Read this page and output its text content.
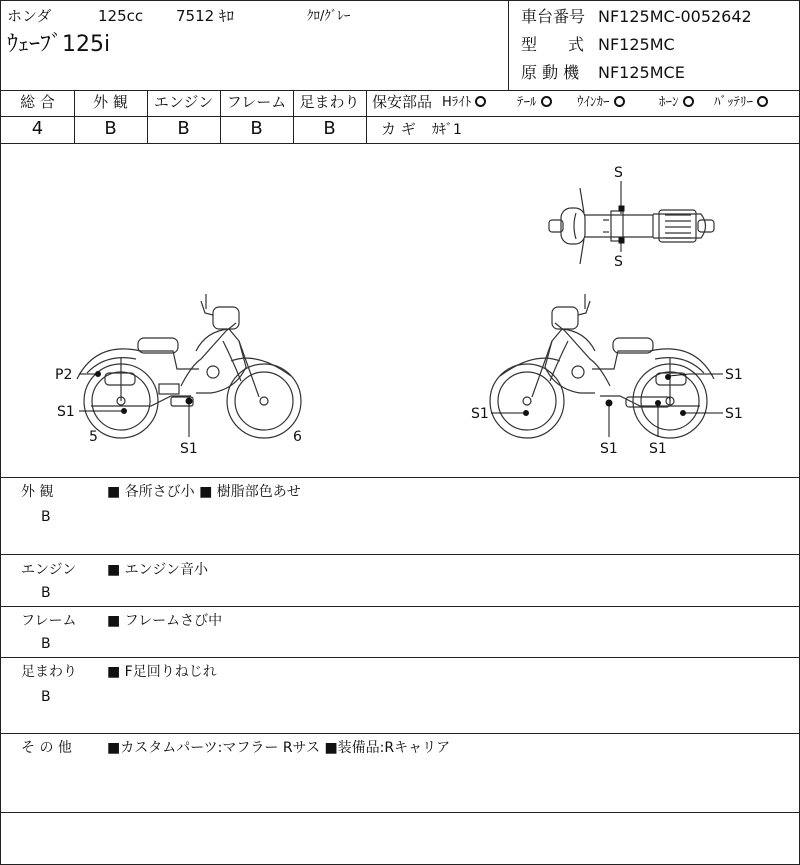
ホンダ	125cc 7512 ｷﾛ	ｸﾛ/ｸﾞﾚｰ
ｳｪｰﾌﾞ125i
車台番号 NF125MC-0052642
型 式 NF125MC
原 動 機 NF125MCE
総 合	外 観	エンジン フレーム 足まわり
4	B	B	B	B
保安部品 Hﾗｲﾄ	ﾃｰﾙ	ｳｲﾝｶｰ	ﾎｰﾝ	ﾊﾞｯﾃﾘｰ
カ ギ ｶｷﾞ1
S
S
P2
S1
5
S1
6
S1
S1
S1
S1 S1
外 観
B
■ 各所さび小 ■ 樹脂部色あせ
エンジン
B
■ エンジン音小
フレーム
B
■ フレームさび中
足まわり
B
■ F足回りねじれ
そ の 他	■カスタムパーツ:マフラー Rサス ■装備品:Rキャリア
